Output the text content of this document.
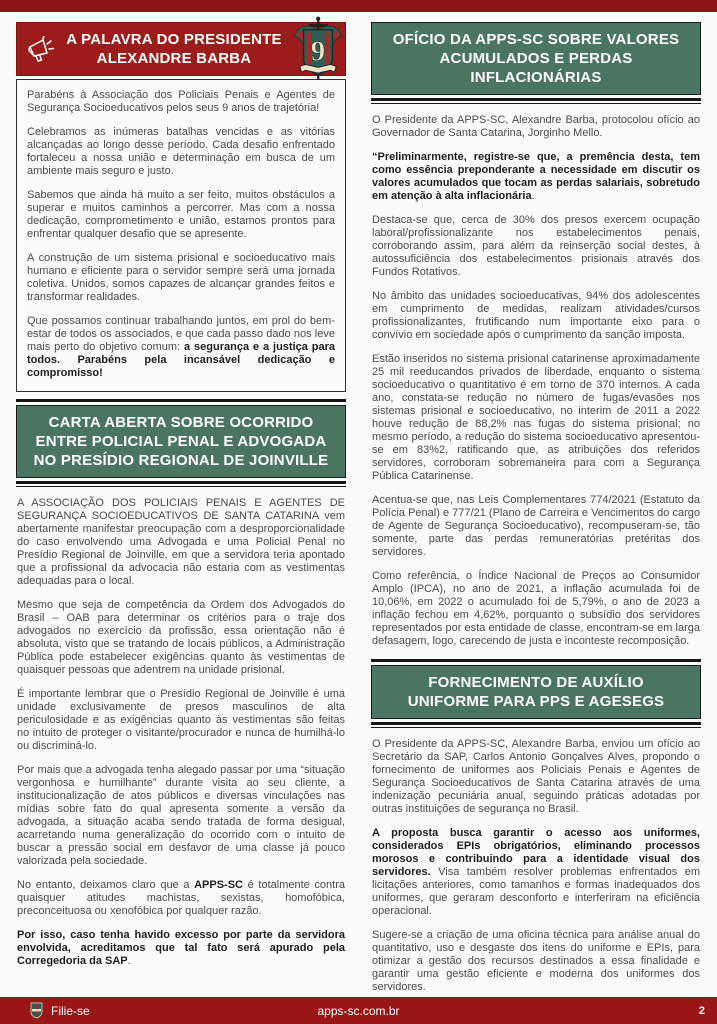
A PALAVRA DO PRESIDENTE
ALEXANDRE BARBA	9

Parabéns à Associação dos Policiais Penais e Agentes de Segurança Socioeducativos pelos seus 9 anos de trajetória!

Celebramos as inúmeras batalhas vencidas e as vitórias alcançadas ao longo desse período. Cada desafio enfrentado fortaleceu a nossa união e determinação em busca de um ambiente mais seguro e justo.

Sabemos que ainda há muito a ser feito, muitos obstáculos a superar e muitos caminhos a percorrer. Mas com a nossa dedicação, comprometimento e união, estamos prontos para enfrentar qualquer desafio que se apresente.

A construção de um sistema prisional e socioeducativo mais humano e eficiente para o servidor sempre será uma jornada coletiva. Unidos, somos capazes de alcançar grandes feitos e transformar realidades.

Que possamos continuar trabalhando juntos, em prol do bem-estar de todos os associados, e que cada passo dado nos leve mais perto do objetivo comum: a segurança e a justiça para todos. Parabéns pela incansável dedicação e compromisso!

CARTA ABERTA SOBRE OCORRIDO
ENTRE POLICIAL PENAL E ADVOGADA
NO PRESÍDIO REGIONAL DE JOINVILLE

A ASSOCIAÇÃO DOS POLICIAIS PENAIS E AGENTES DE SEGURANÇA SOCIOEDUCATIVOS DE SANTA CATARINA vem abertamente manifestar preocupação com a desproporcionalidade do caso envolvendo uma Advogada e uma Policial Penal no Presídio Regional de Joinville, em que a servidora teria apontado que a profissional da advocacia não estaria com as vestimentas adequadas para o local.

Mesmo que seja de competência da Ordem dos Advogados do Brasil – OAB para determinar os critérios para o traje dos advogados no exercício da profissão, essa orientação não é absoluta, visto que se tratando de locais públicos, a Administração Pública pode estabelecer exigências quanto às vestimentas de quaisquer pessoas que adentrem na unidade prisional.

É importante lembrar que o Presídio Regional de Joinville é uma unidade exclusivamente de presos masculinos de alta periculosidade e as exigências quanto às vestimentas são feitas no intuito de proteger o visitante/procurador e nunca de humilhá-lo ou discriminá-lo.

Por mais que a advogada tenha alegado passar por uma “situação vergonhosa e humilhante” durante visita ao seu cliente, a institucionalização de atos públicos e diversas vinculações nas mídias sobre fato do qual apresenta somente a versão da advogada, a situação acaba sendo tratada de forma desigual, acarretando numa generalização do ocorrido com o intuito de buscar a pressão social em desfavor de uma classe já pouco valorizada pela sociedade.

No entanto, deixamos claro que a APPS-SC é totalmente contra quaisquer atitudes machistas, sexistas, homofóbica, preconceituosa ou xenofóbica por qualquer razão.

Por isso, caso tenha havido excesso por parte da servidora envolvida, acreditamos que tal fato será apurado pela Corregedoria da SAP.

OFÍCIO DA APPS-SC SOBRE VALORES
ACUMULADOS E PERDAS INFLACIONÁRIAS

O Presidente da APPS-SC, Alexandre Barba, protocolou ofício ao Governador de Santa Catarina, Jorginho Mello.

“Preliminarmente, registre-se que, a premência desta, tem como essência preponderante a necessidade em discutir os valores acumulados que tocam as perdas salariais, sobretudo em atenção à alta inflacionária.

Destaca-se que, cerca de 30% dos presos exercem ocupação laboral/profissionalizante nos estabelecimentos penais, corroborando assim, para além da reinserção social destes, à autossuficiência dos estabelecimentos prisionais através dos Fundos Rotativos.

No âmbito das unidades socioeducativas, 94% dos adolescentes em cumprimento de medidas, realizam atividades/cursos profissionalizantes, frutificando num importante eixo para o convívio em sociedade após o cumprimento da sanção imposta.

Estão inseridos no sistema prisional catarinense aproximadamente 25 mil reeducandos privados de liberdade, enquanto o sistema socioeducativo o quantitativo é em torno de 370 internos. A cada ano, constata-se redução no número de fugas/evasões nos sistemas prisional e socioeducativo, no interim de 2011 a 2022 houve redução de 88,2% nas fugas do sistema prisional; no mesmo período, a redução do sistema socioeducativo apresentou-se em 83%2, ratificando que, as atribuições dos referidos servidores, corroboram sobremaneira para com a Segurança Pública Catarinense.

Acentua-se que, nas Leis Complementares 774/2021 (Estatuto da Polícia Penal) e 777/21 (Plano de Carreira e Vencimentos do cargo de Agente de Segurança Socioeducativo), recompuseram-se, tão somente, parte das perdas remuneratórias pretéritas dos servidores.

Como referência, o Índice Nacional de Preços ao Consumidor Amplo (IPCA), no ano de 2021, a inflação acumulada foi de 10,06%, em 2022 o acumulado foi de 5,79%, o ano de 2023 a inflação fechou em 4,62%, porquanto o subsídio dos servidores representados por esta entidade de classe, encontram-se em larga defasagem, logo, carecendo de justa e inconteste recomposição.

FORNECIMENTO DE AUXÍLIO
UNIFORME PARA PPS E AGESEGS

O Presidente da APPS-SC, Alexandre Barba, enviou um ofício ao Secretário da SAP, Carlos Antonio Gonçalves Alves, propondo o fornecimento de uniformes aos Policiais Penais e Agentes de Segurança Socioeducativos de Santa Catarina através de uma indenização pecuniária anual, seguindo práticas adotadas por outras instituições de segurança no Brasil.

A proposta busca garantir o acesso aos uniformes, considerados EPIs obrigatórios, eliminando processos morosos e contribuindo para a identidade visual dos servidores. Visa também resolver problemas enfrentados em licitações anteriores, como tamanhos e formas inadequados dos uniformes, que geraram desconforto e interferiram na eficiência operacional.

Sugere-se a criação de uma oficina técnica para análise anual do quantitativo, uso e desgaste dos itens do uniforme e EPIs, para otimizar a gestão dos recursos destinados a essa finalidade e garantir uma gestão eficiente e moderna dos uniformes dos servidores.

Filie-se	apps-sc.com.br	2
